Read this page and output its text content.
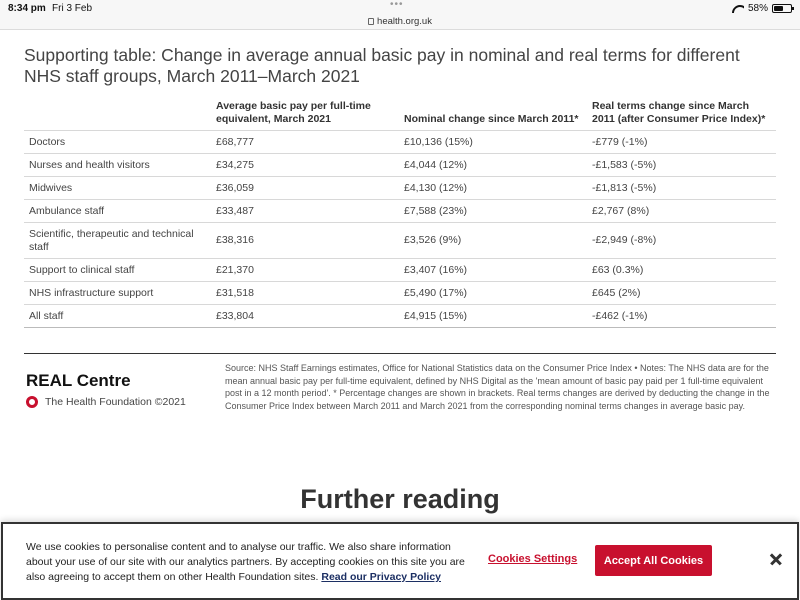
8:34 pm Fri 3 Feb	•••
health.org.uk
58%
Supporting table: Change in average annual basic pay in nominal and real terms for different NHS staff groups, March 2011–March 2021
	Average basic pay per full-time equivalent, March 2021	Nominal change since March 2011*	Real terms change since March 2011 (after Consumer Price Index)*
Doctors	£68,777	£10,136 (15%)	-£779 (-1%)
Nurses and health visitors	£34,275	£4,044 (12%)	-£1,583 (-5%)
Midwives	£36,059	£4,130 (12%)	-£1,813 (-5%)
Ambulance staff	£33,487	£7,588 (23%)	£2,767 (8%)
Scientific, therapeutic and technical staff	£38,316	£3,526 (9%)	-£2,949 (-8%)
Support to clinical staff	£21,370	£3,407 (16%)	£63 (0.3%)
NHS infrastructure support	£31,518	£5,490 (17%)	£645 (2%)
All staff	£33,804	£4,915 (15%)	-£462 (-1%)
REAL Centre
The Health Foundation ©2021

Source: NHS Staff Earnings estimates, Office for National Statistics data on the Consumer Price Index • Notes: The NHS data are for the mean annual basic pay per full-time equivalent, defined by NHS Digital as the 'mean amount of basic pay paid per 1 full-time equivalent post in a 12 month period'. * Percentage changes are shown in brackets. Real terms changes are derived by deducting the change in the Consumer Price Index between March 2011 and March 2021 from the corresponding nominal terms changes in average basic pay.

Further reading

We use cookies to personalise content and to analyse our traffic. We also share information about your use of our site with our analytics partners. By accepting cookies on this site you are also agreeing to accept them on other Health Foundation sites. Read our Privacy Policy

Cookies Settings	Accept All Cookies
